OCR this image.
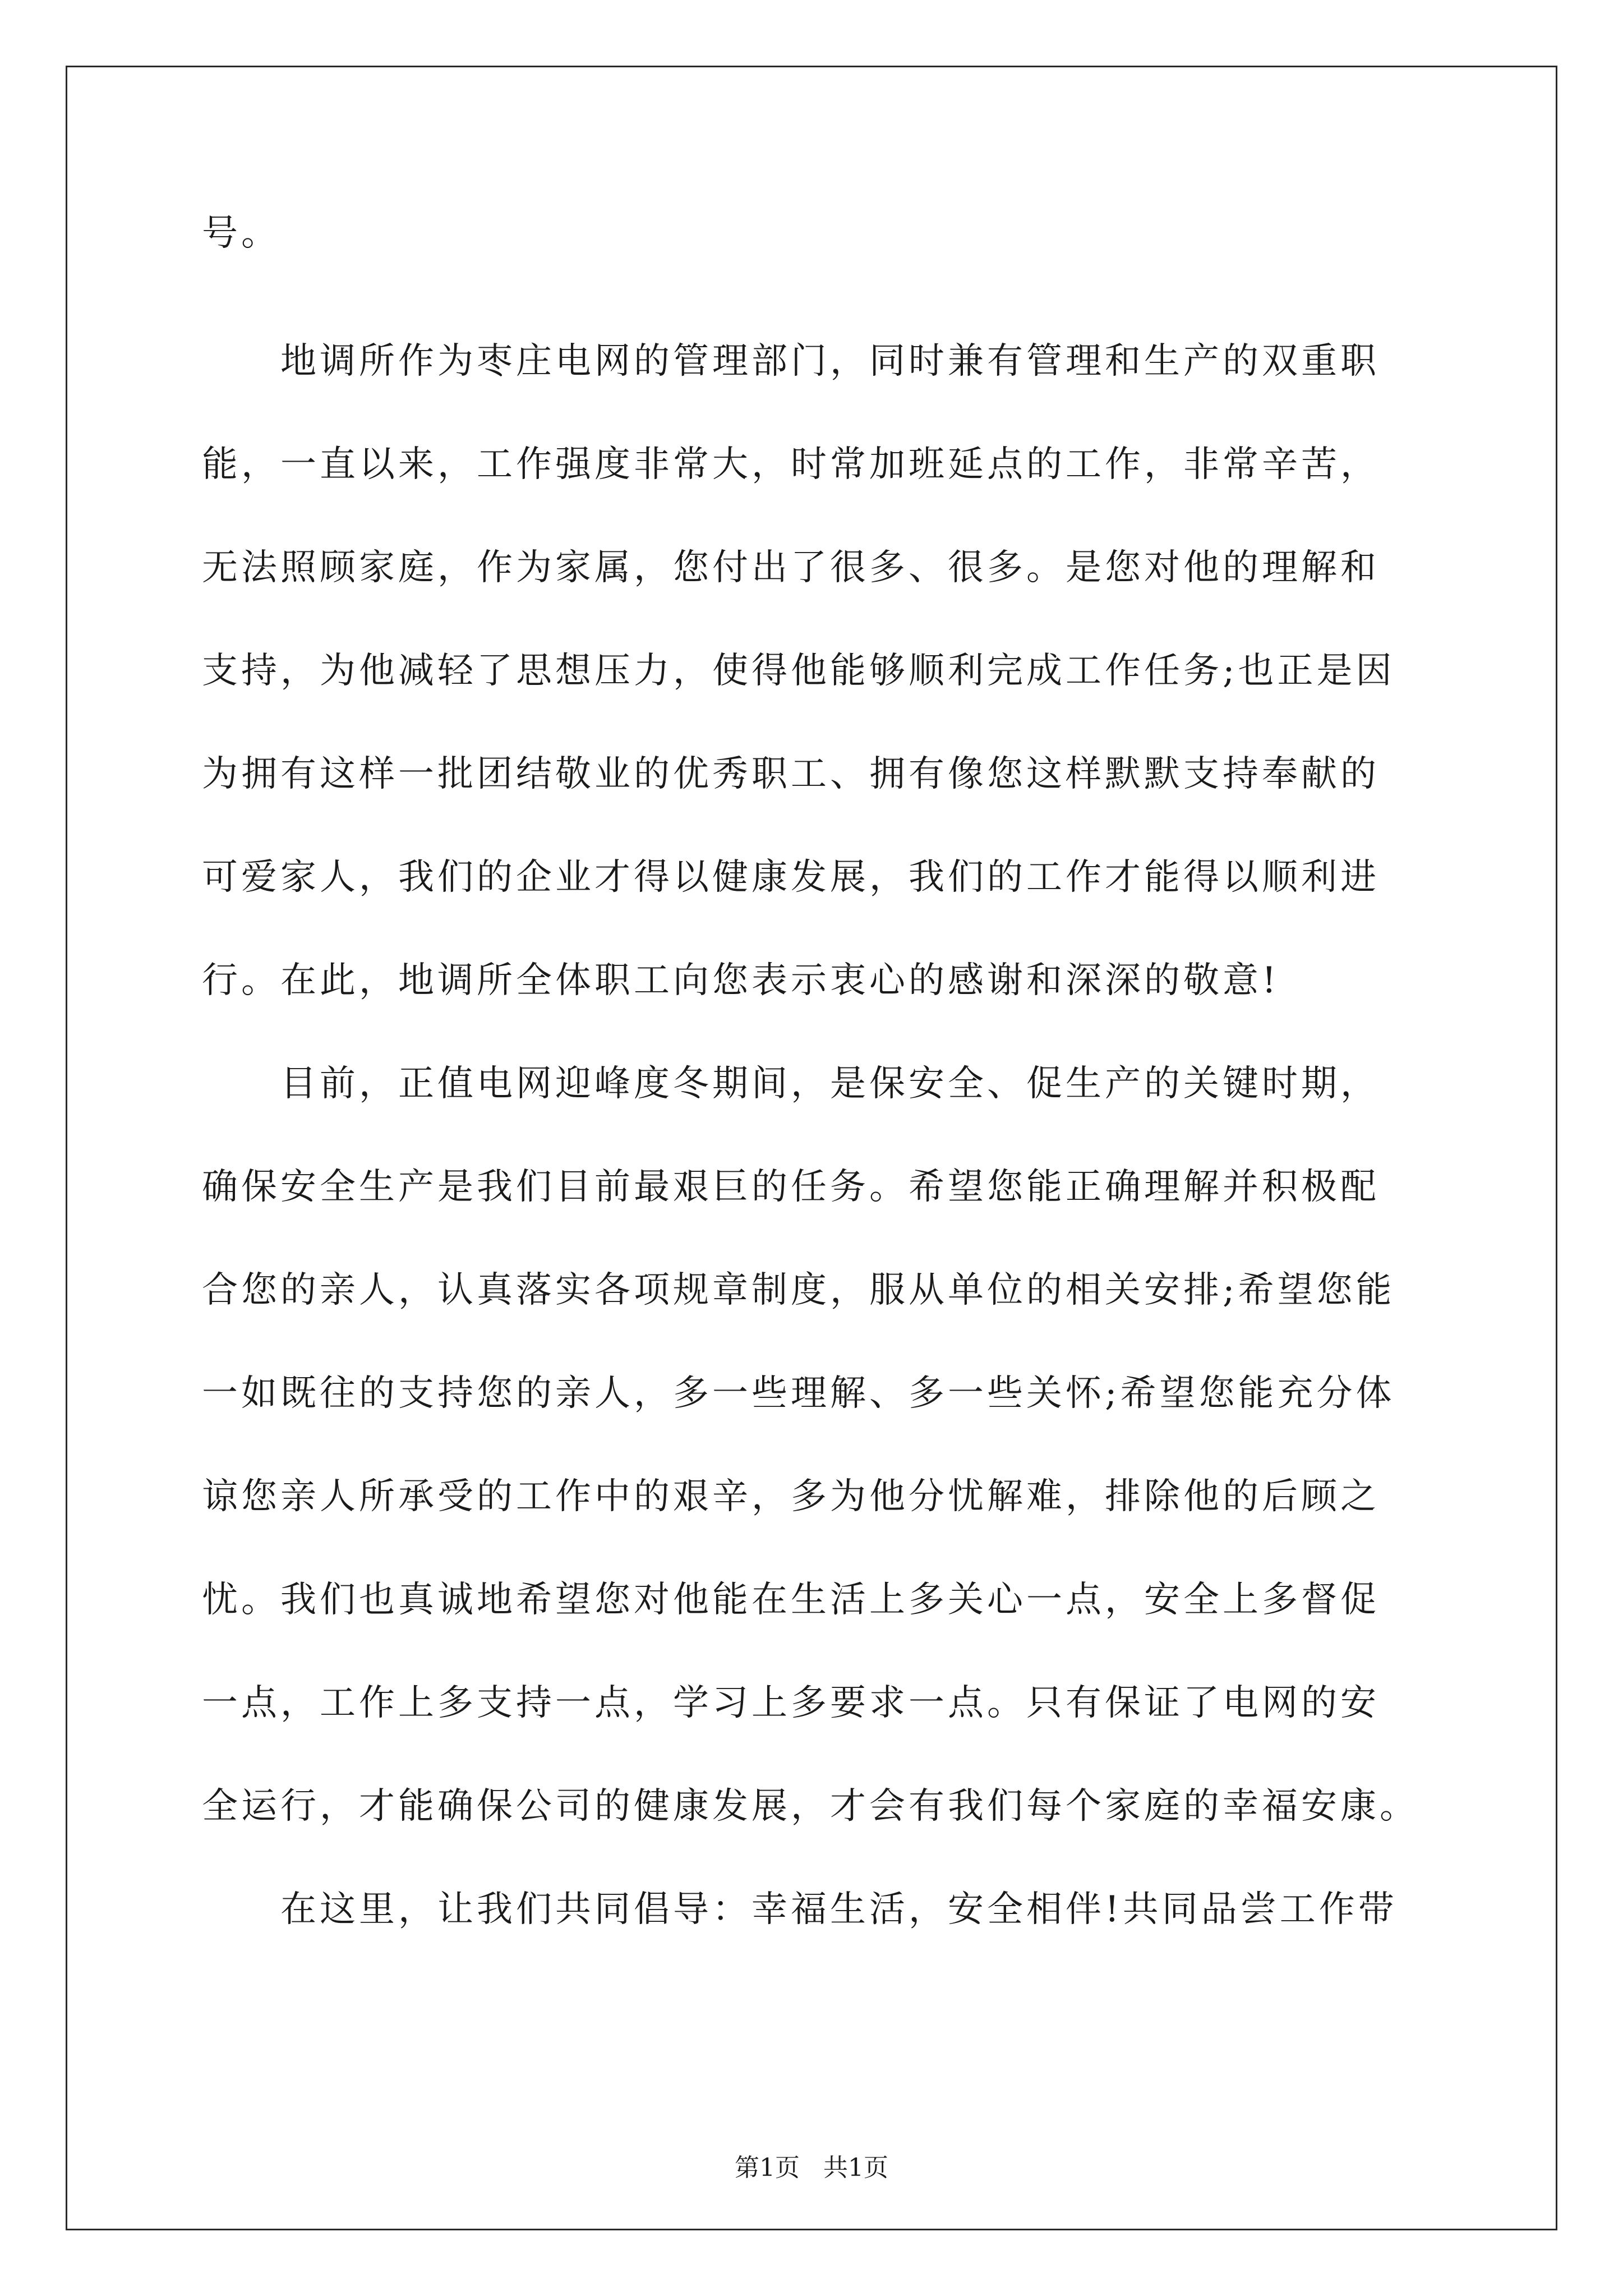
号。
　　地调所作为枣庄电网的管理部门，同时兼有管理和生产的双重职
能，一直以来，工作强度非常大，时常加班延点的工作，非常辛苦，
无法照顾家庭，作为家属，您付出了很多、很多。是您对他的理解和
支持，为他减轻了思想压力，使得他能够顺利完成工作任务;也正是因
为拥有这样一批团结敬业的优秀职工、拥有像您这样默默支持奉献的
可爱家人，我们的企业才得以健康发展，我们的工作才能得以顺利进
行。在此，地调所全体职工向您表示衷心的感谢和深深的敬意!
　　目前，正值电网迎峰度冬期间，是保安全、促生产的关键时期，
确保安全生产是我们目前最艰巨的任务。希望您能正确理解并积极配
合您的亲人，认真落实各项规章制度，服从单位的相关安排;希望您能
一如既往的支持您的亲人，多一些理解、多一些关怀;希望您能充分体
谅您亲人所承受的工作中的艰辛，多为他分忧解难，排除他的后顾之
忧。我们也真诚地希望您对他能在生活上多关心一点，安全上多督促
一点，工作上多支持一点，学习上多要求一点。只有保证了电网的安
全运行，才能确保公司的健康发展，才会有我们每个家庭的幸福安康。
　　在这里，让我们共同倡导：幸福生活，安全相伴!共同品尝工作带
第1页   共1页
